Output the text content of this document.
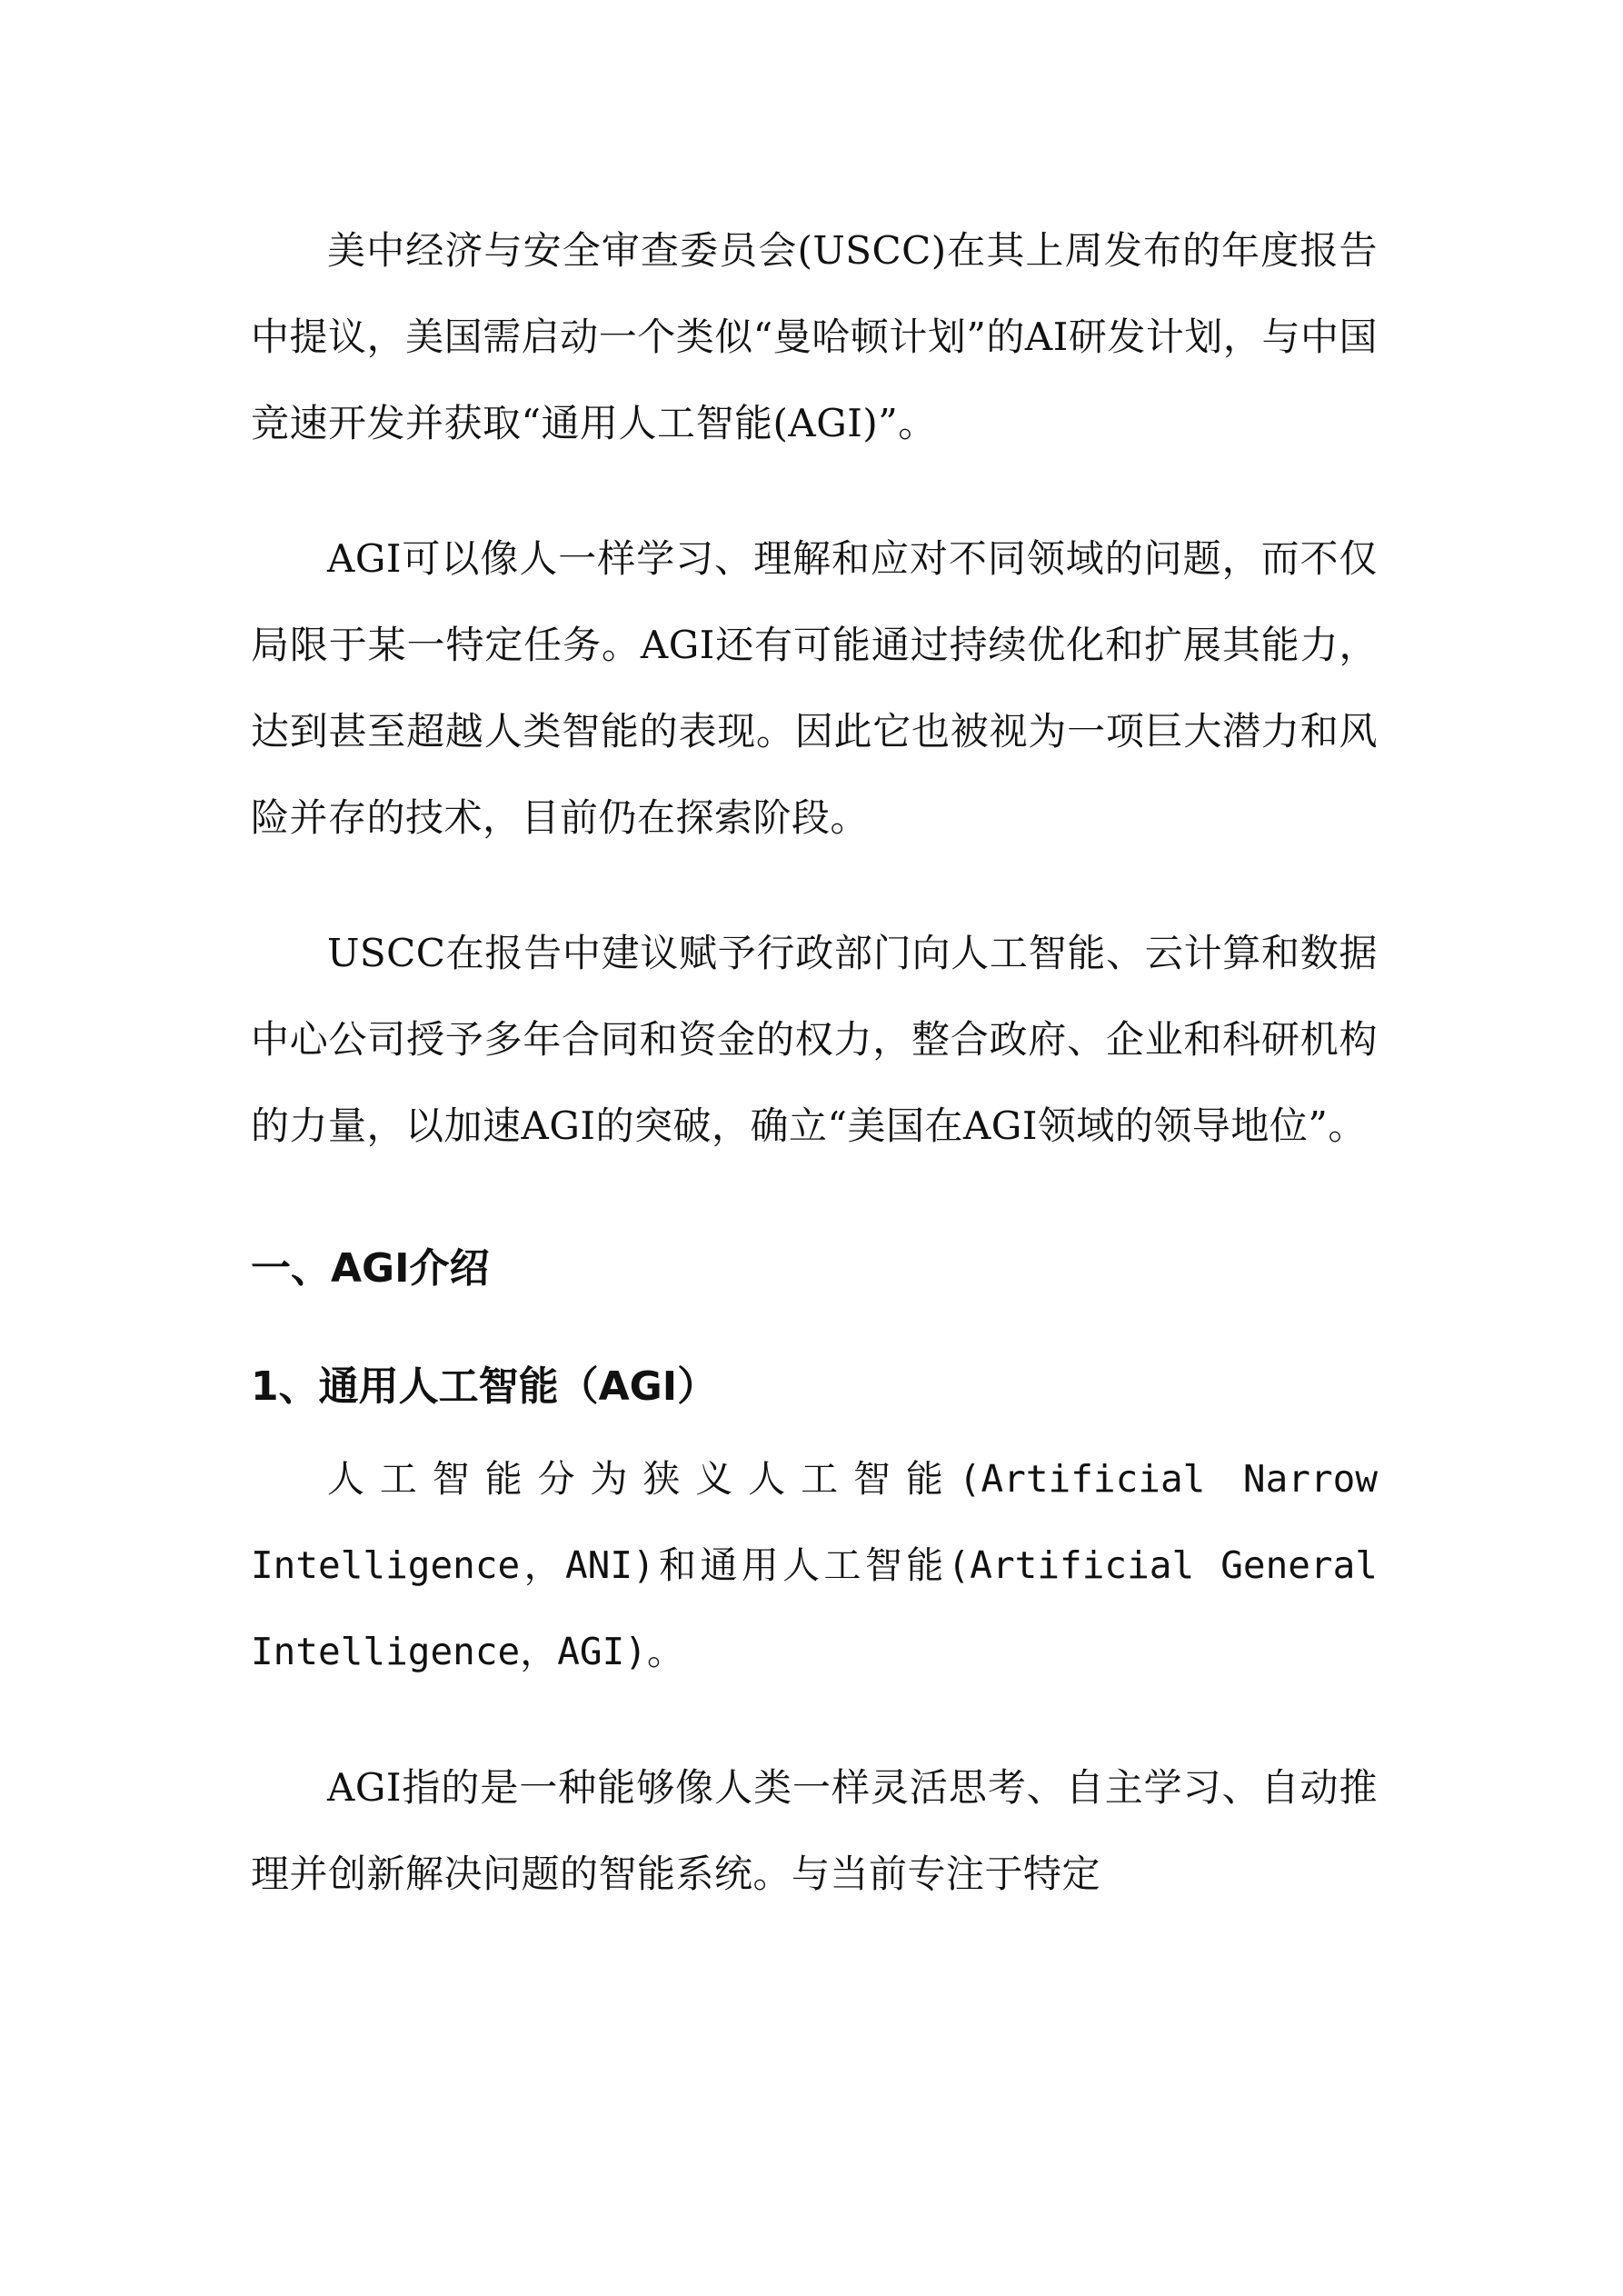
美中经济与安全审查委员会(USCC)在其上周发布的年度报告中提议，美国需启动一个类似“曼哈顿计划”的AI研发计划，与中国竞速开发并获取“通用人工智能(AGI)”。

AGI可以像人一样学习、理解和应对不同领域的问题，而不仅局限于某一特定任务。AGI还有可能通过持续优化和扩展其能力，达到甚至超越人类智能的表现。因此它也被视为一项巨大潜力和风险并存的技术，目前仍在探索阶段。

USCC在报告中建议赋予行政部门向人工智能、云计算和数据中心公司授予多年合同和资金的权力，整合政府、企业和科研机构的力量，以加速AGI的突破，确立“美国在AGI领域的领导地位”。

一、AGI介绍
1、通用人工智能（AGI）

人工智能分为狭义人工智能(Artificial Narrow Intelligence，ANI)和通用人工智能(Artificial General Intelligence，AGI)。

AGI指的是一种能够像人类一样灵活思考、自主学习、自动推理并创新解决问题的智能系统。与当前专注于特定
